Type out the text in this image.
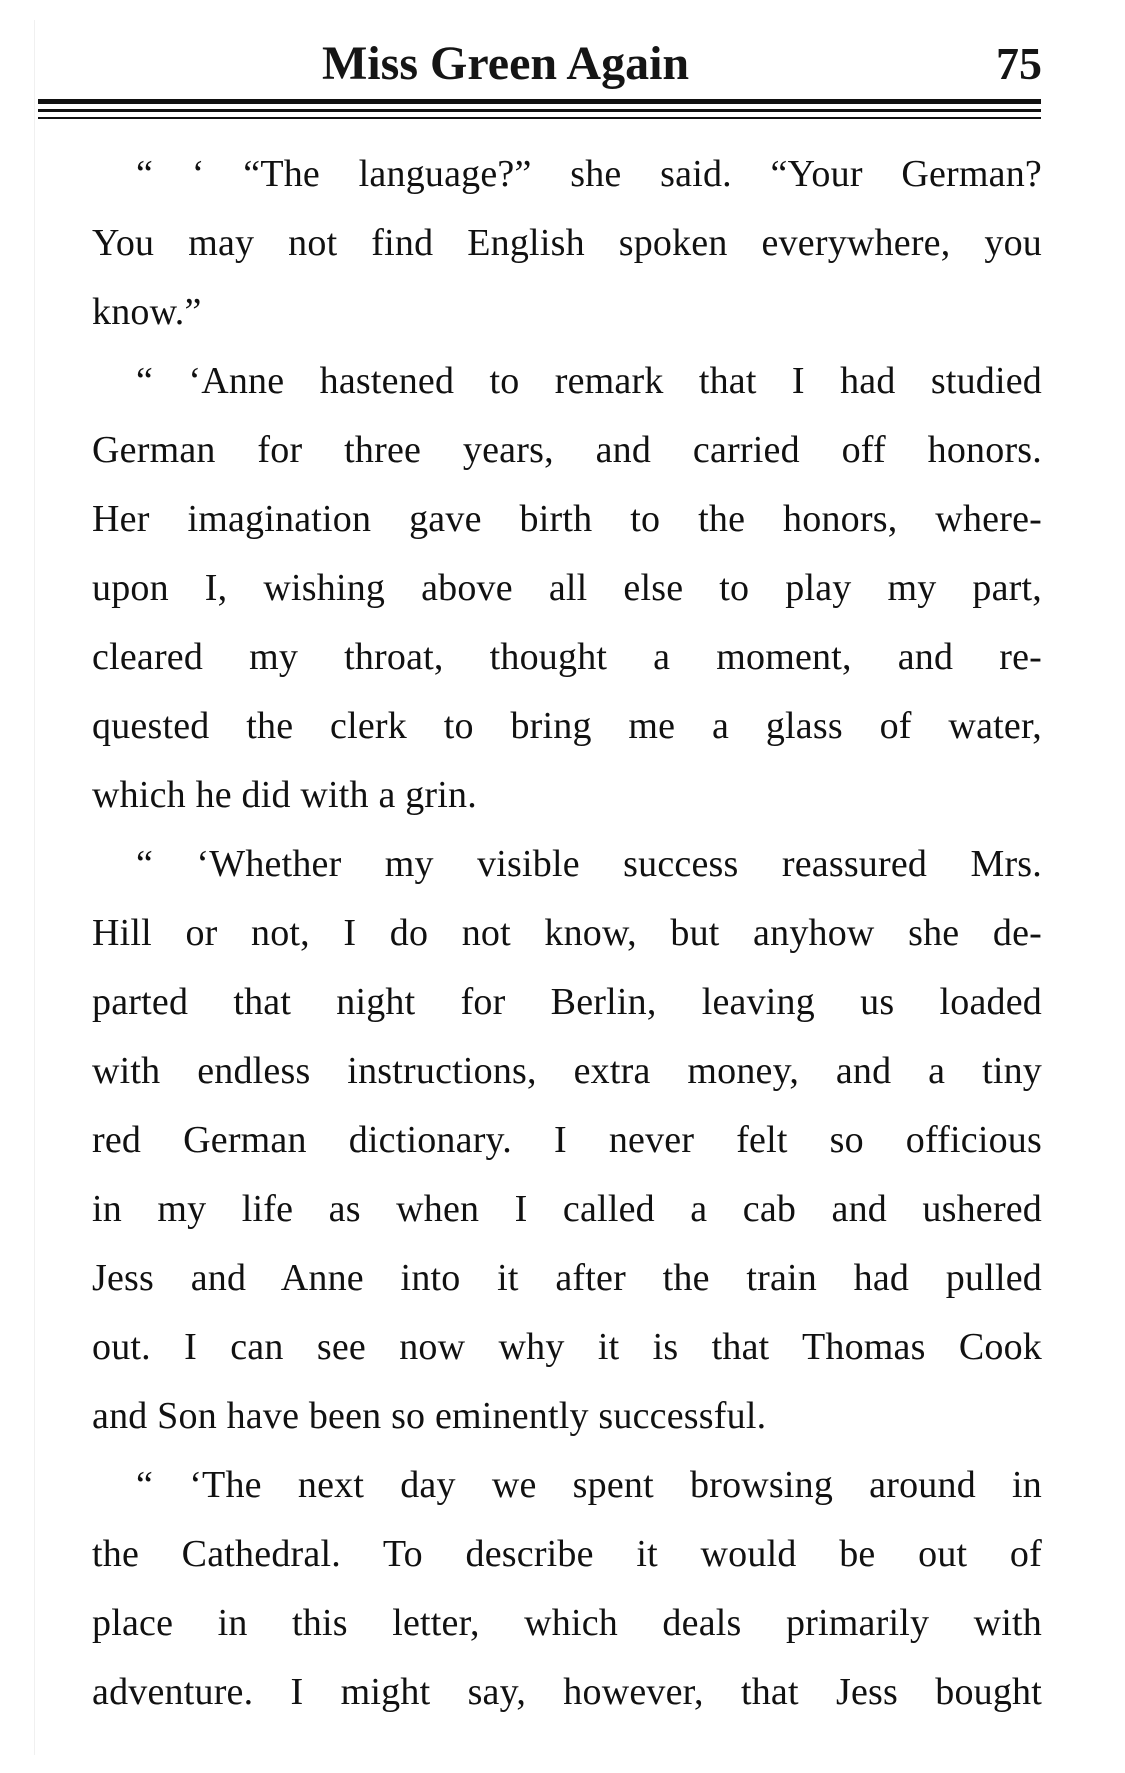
Miss Green Again	75
“ ‘ “The language?” she said. “Your German?
You may not find English spoken everywhere, you
know.”
“ ‘Anne hastened to remark that I had studied
German for three years, and carried off honors.
Her imagination gave birth to the honors, where-
upon I, wishing above all else to play my part,
cleared my throat, thought a moment, and re-
quested the clerk to bring me a glass of water,
which he did with a grin.
“ ‘Whether my visible success reassured Mrs.
Hill or not, I do not know, but anyhow she de-
parted that night for Berlin, leaving us loaded
with endless instructions, extra money, and a tiny
red German dictionary. I never felt so officious
in my life as when I called a cab and ushered
Jess and Anne into it after the train had pulled
out. I can see now why it is that Thomas Cook
and Son have been so eminently successful.
“ ‘The next day we spent browsing around in
the Cathedral. To describe it would be out of
place in this letter, which deals primarily with
adventure. I might say, however, that Jess bought
